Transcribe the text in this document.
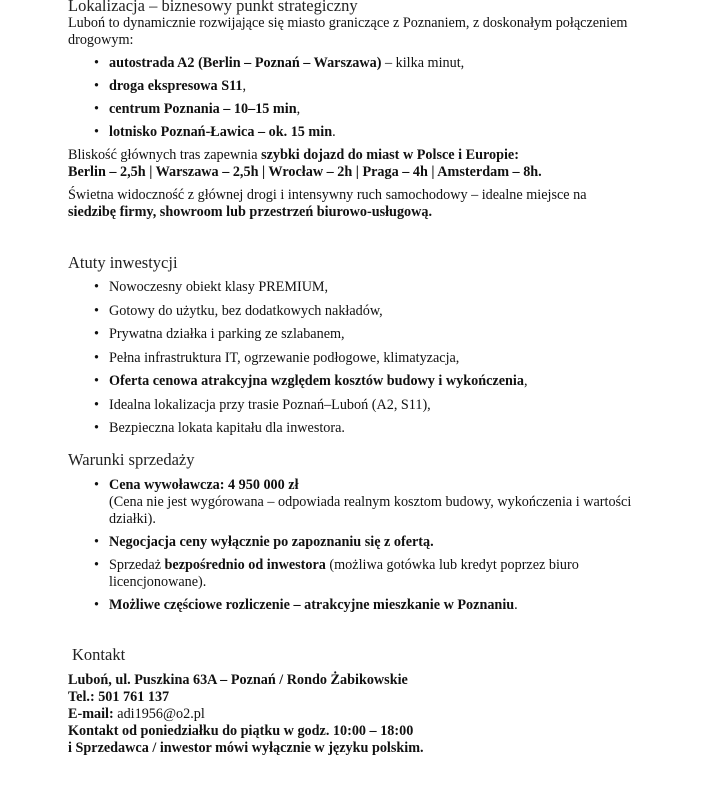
Lokalizacja – biznesowy punkt strategiczny

Luboń to dynamicznie rozwijające się miasto graniczące z Poznaniem, z doskonałym połączeniem drogowym:

• autostrada A2 (Berlin – Poznań – Warszawa) – kilka minut,
• droga ekspresowa S11,
• centrum Poznania – 10–15 min,
• lotnisko Poznań-Ławica – ok. 15 min.

Bliskość głównych tras zapewnia szybki dojazd do miast w Polsce i Europie:
Berlin – 2,5h | Warszawa – 2,5h | Wrocław – 2h | Praga – 4h | Amsterdam – 8h.

Świetna widoczność z głównej drogi i intensywny ruch samochodowy – idealne miejsce na
siedzibę firmy, showroom lub przestrzeń biurowo-usługową.

Atuty inwestycji
• Nowoczesny obiekt klasy PREMIUM,
• Gotowy do użytku, bez dodatkowych nakładów,
• Prywatna działka i parking ze szlabanem,
• Pełna infrastruktura IT, ogrzewanie podłogowe, klimatyzacja,
• Oferta cenowa atrakcyjna względem kosztów budowy i wykończenia,
• Idealna lokalizacja przy trasie Poznań–Luboń (A2, S11),
• Bezpieczna lokata kapitału dla inwestora.
Warunki sprzedaży
• Cena wywoławcza: 4 950 000 zł
(Cena nie jest wygórowana – odpowiada realnym kosztom budowy, wykończenia i wartości działki).
• Negocjacja ceny wyłącznie po zapoznaniu się z ofertą.
• Sprzedaż bezpośrednio od inwestora (możliwa gotówka lub kredyt poprzez biuro licencjonowane).
• Możliwe częściowe rozliczenie – atrakcyjne mieszkanie w Poznaniu.
Kontakt

Luboń, ul. Puszkina 63A – Poznań / Rondo Żabikowskie

Tel.: 501 761 137

E-mail: adi1956@o2.pl

Kontakt od poniedziałku do piątku w godz. 10:00 – 18:00

i Sprzedawca / inwestor mówi wyłącznie w języku polskim.
